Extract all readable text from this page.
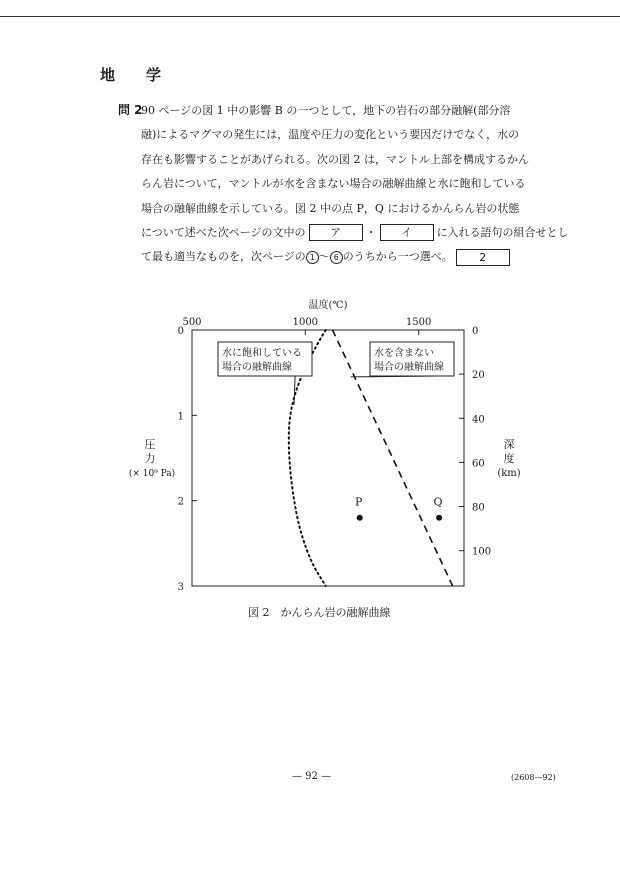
地　学
問 2
90 ページの図 1 中の影響 B の一つとして，地下の岩石の部分融解(部分溶
融)によるマグマの発生には，温度や圧力の変化という要因だけでなく，水の
存在も影響することがあげられる。次の図 2 は，マントル上部を構成するかん
らん岩について，マントルが水を含まない場合の融解曲線と水に飽和している
場合の融解曲線を示している。図 2 中の点 P，Q におけるかんらん岩の状態
について述べた次ページの文中の ア ・ イ に入れる語句の組合せとし
て最も適当なものを，次ページの 1 ～ 6 のうちから一つ選べ。 2
温度(℃)
500	1000	1500
0
1
2
3
圧
力
(× 10⁹ Pa)
0
20
40
60
80
100
深
度
(km)
水に飽和している
場合の融解曲線
水を含まない
場合の融解曲線
P	Q
図 2　かんらん岩の融解曲線
— 92 —	(2608—92)
